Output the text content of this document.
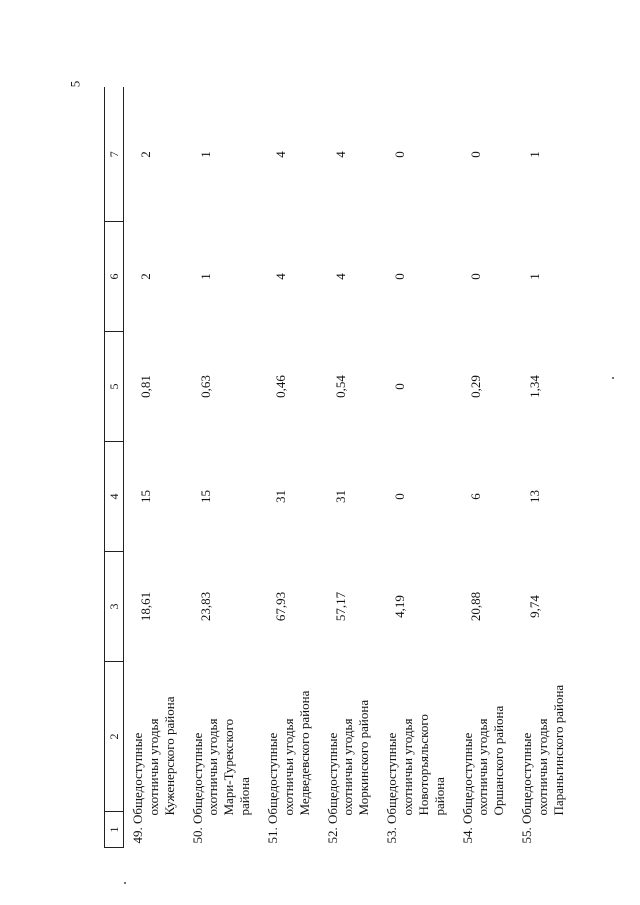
5
1	2	3	4	5	6	7

49. Общедоступные охотничьи угодья Куженерского района		18,61	15	0,81	2	2

50. Общедоступные охотничьи угодья Мари-Турекского района		23,83	15	0,63	1	1

51. Общедоступные охотничьи угодья Медведевского района		67,93	31	0,46	4	4

52. Общедоступные охотничьи угодья Моркинского района		57,17	31	0,54	4	4

53. Общедоступные охотничьи угодья Новоторъяльского района		4,19	0	0	0	0

54. Общедоступные охотничьи угодья Оршанского района		20,88	6	0,29	0	0

55. Общедоступные охотничьи угодья Параньгинского района		9,74	13	1,34	1	1
